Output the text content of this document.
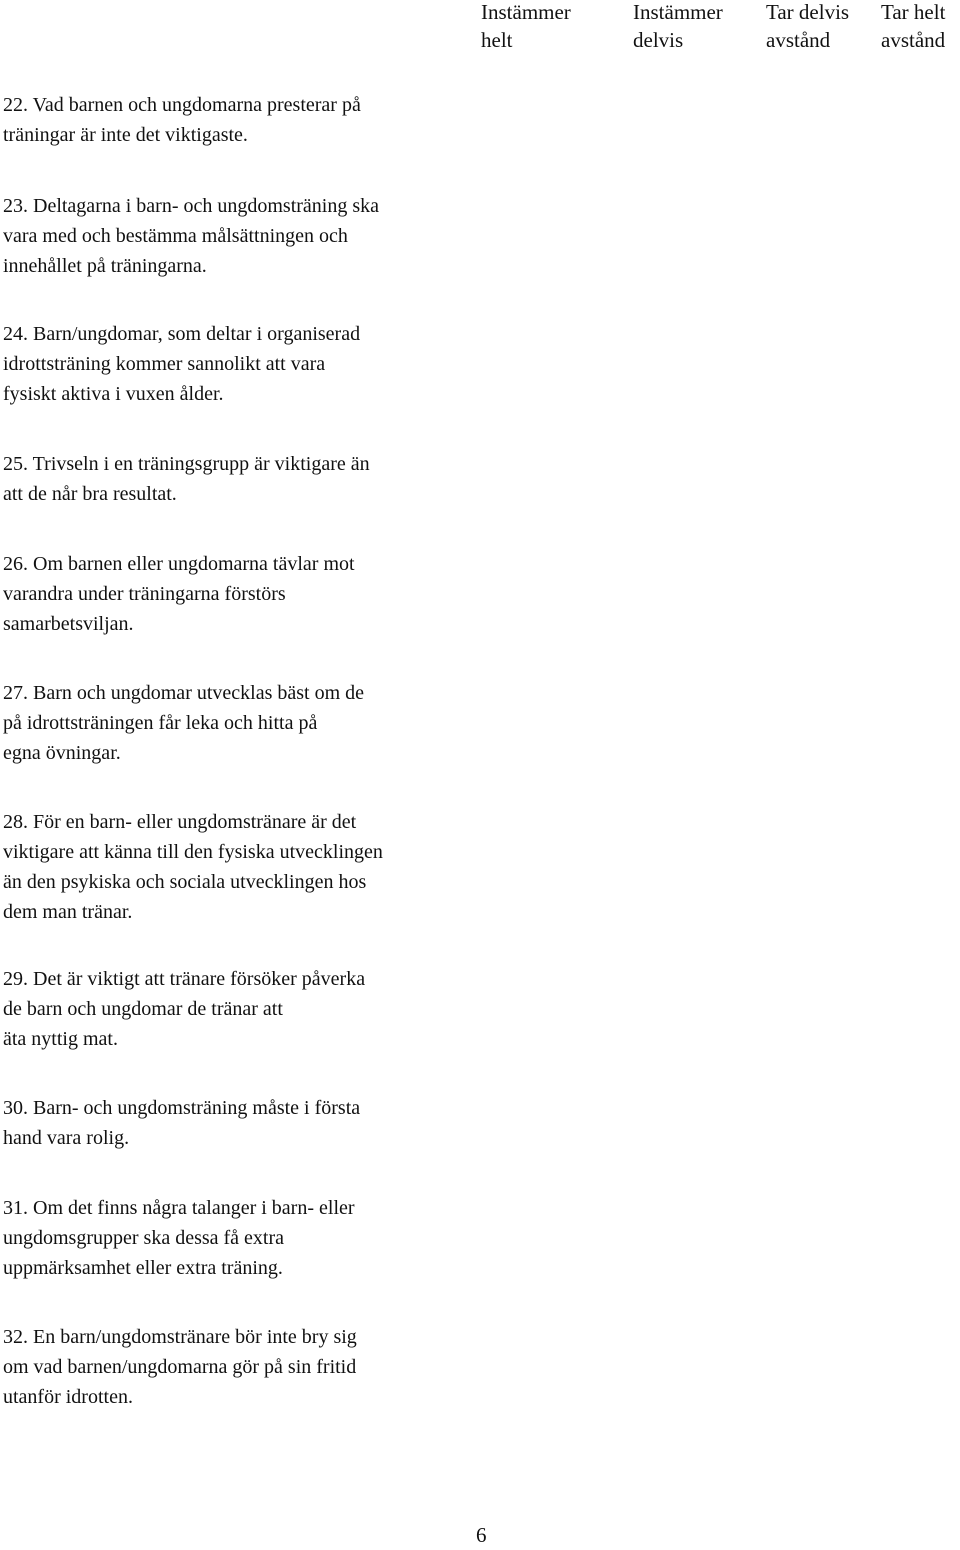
Instämmer
helt
Instämmer
delvis
Tar delvis
avstånd
Tar helt
avstånd
22. Vad barnen och ungdomarna presterar på
träningar är inte det viktigaste.
23. Deltagarna i barn- och ungdomsträning ska
vara med och bestämma målsättningen och
innehållet på träningarna.
24. Barn/ungdomar, som deltar i organiserad
idrottsträning kommer sannolikt att vara
fysiskt aktiva i vuxen ålder.
25. Trivseln i en träningsgrupp är viktigare än
att de når bra resultat.
26. Om barnen eller ungdomarna tävlar mot
varandra under träningarna förstörs
samarbetsviljan.
27. Barn och ungdomar utvecklas bäst om de
på idrottsträningen får leka och hitta på
egna övningar.
28. För en barn- eller ungdomstränare är det
viktigare att känna till den fysiska utvecklingen
än den psykiska och sociala utvecklingen hos
dem man tränar.
29. Det är viktigt att tränare försöker påverka
de barn och ungdomar de tränar att
äta nyttig mat.
30. Barn- och ungdomsträning måste i första
hand vara rolig.
31. Om det finns några talanger i barn- eller
ungdomsgrupper ska dessa få extra
uppmärksamhet eller extra träning.
32. En barn/ungdomstränare bör inte bry sig
om vad barnen/ungdomarna gör på sin fritid
utanför idrotten.
6
